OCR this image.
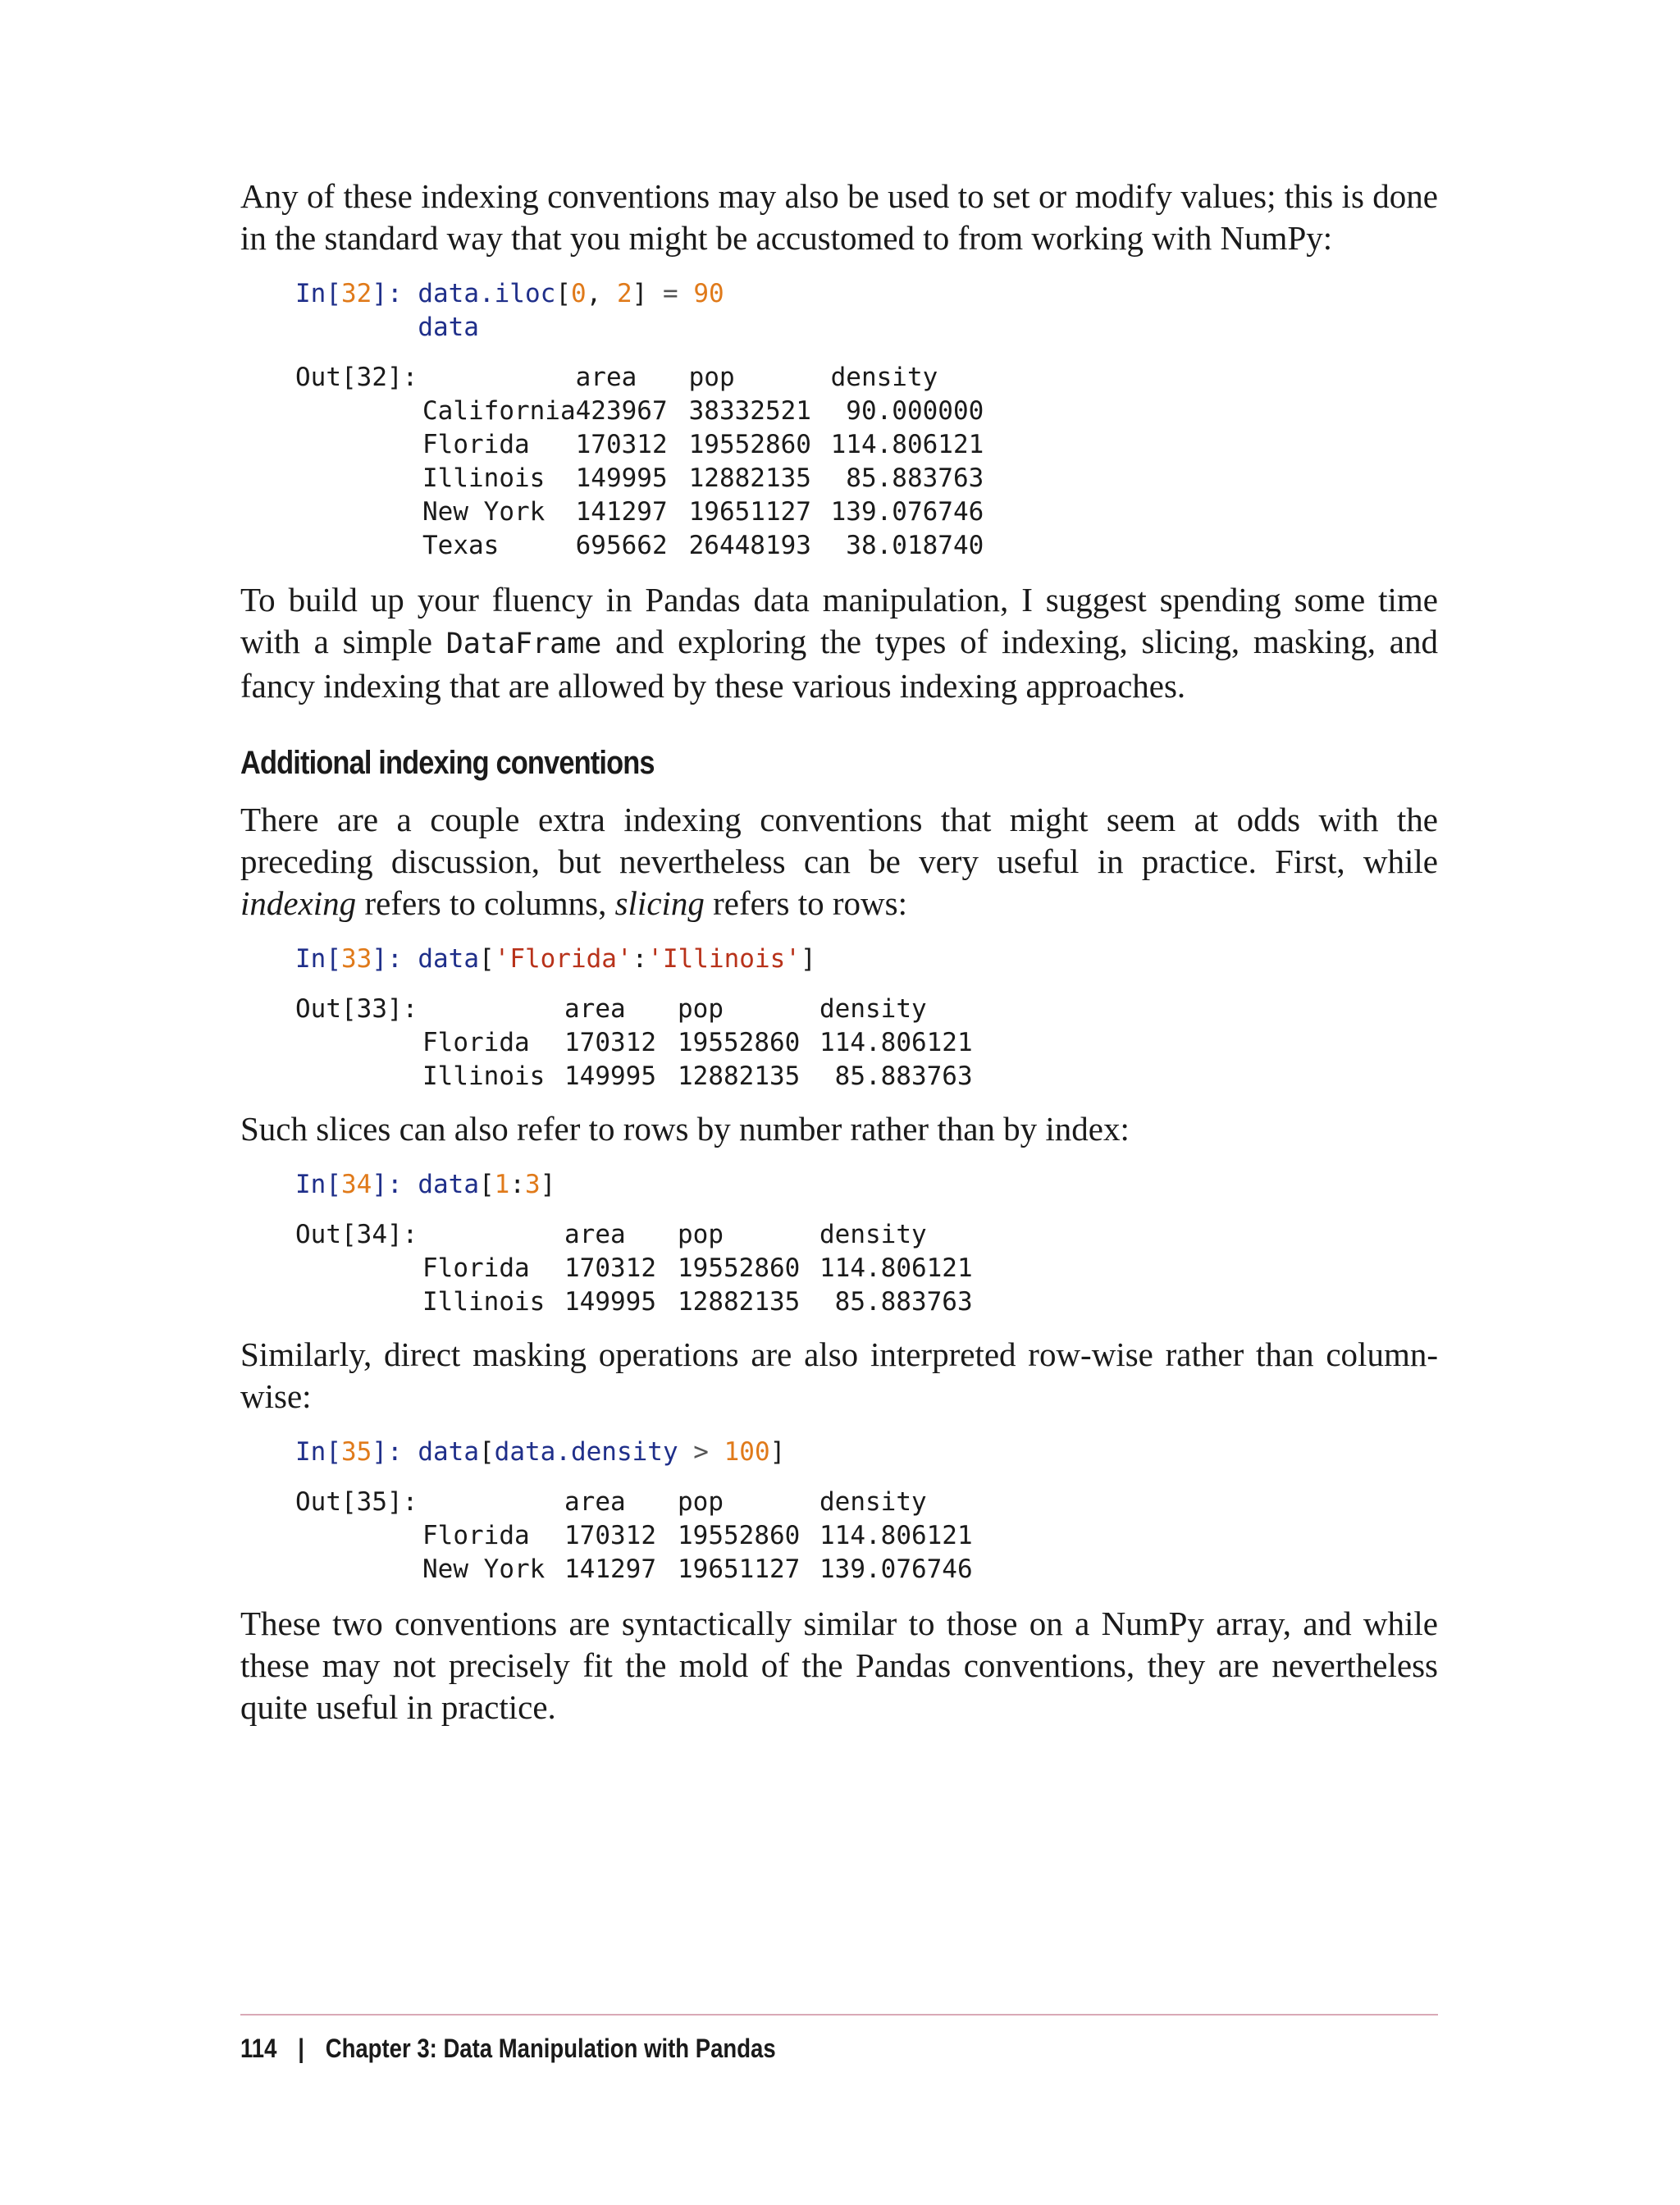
Any of these indexing conventions may also be used to set or modify values; this is done in the standard way that you might be accustomed to from working with NumPy:

In[32]: data.iloc[0, 2] = 90
data
Out[32]:
		area	pop	density
California	423967	38332521	90.000000
Florida	170312	19552860	114.806121
Illinois	149995	12882135	85.883763
New York	141297	19651127	139.076746
Texas	695662	26448193	38.018740

To build up your fluency in Pandas data manipulation, I suggest spending some time with a simple DataFrame and exploring the types of indexing, slicing, masking, and fancy indexing that are allowed by these various indexing approaches.

Additional indexing conventions

There are a couple extra indexing conventions that might seem at odds with the preceding discussion, but nevertheless can be very useful in practice. First, while indexing refers to columns, slicing refers to rows:

In[33]: data['Florida':'Illinois']
Out[33]:
		area	pop	density
Florida	170312	19552860	114.806121
Illinois	149995	12882135	85.883763

Such slices can also refer to rows by number rather than by index:

In[34]: data[1:3]
Out[34]:
		area	pop	density
Florida	170312	19552860	114.806121
Illinois	149995	12882135	85.883763

Similarly, direct masking operations are also interpreted row-wise rather than column-wise:

In[35]: data[data.density > 100]
Out[35]:
		area	pop	density
Florida	170312	19552860	114.806121
New York	141297	19651127	139.076746

These two conventions are syntactically similar to those on a NumPy array, and while these may not precisely fit the mold of the Pandas conventions, they are nevertheless quite useful in practice.

114 | Chapter 3: Data Manipulation with Pandas
